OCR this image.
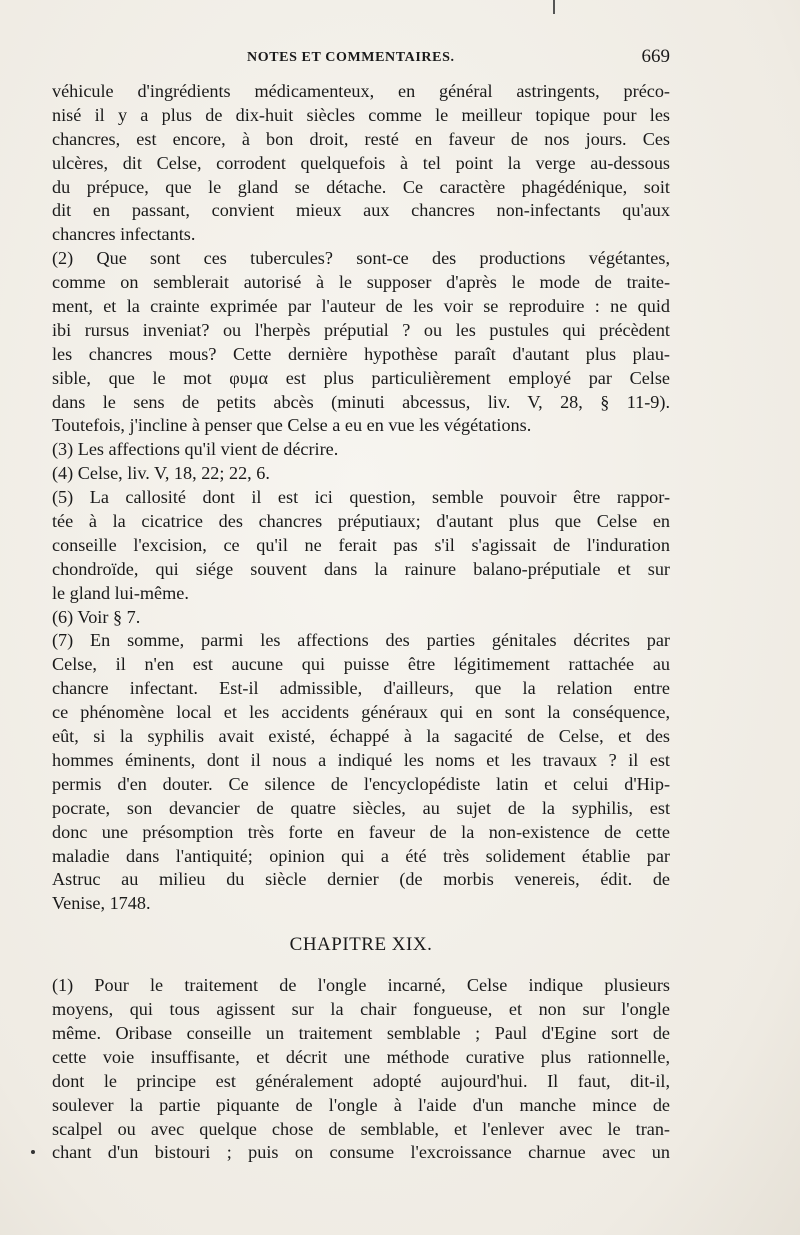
NOTES ET COMMENTAIRES.	669
véhicule d'ingrédients médicamenteux, en général astringents, préco-
nisé il y a plus de dix-huit siècles comme le meilleur topique pour les
chancres, est encore, à bon droit, resté en faveur de nos jours. Ces
ulcères, dit Celse, corrodent quelquefois à tel point la verge au-dessous
du prépuce, que le gland se détache. Ce caractère phagédénique, soit
dit en passant, convient mieux aux chancres non-infectants qu'aux
chancres infectants.
(2) Que sont ces tubercules? sont-ce des productions végétantes,
comme on semblerait autorisé à le supposer d'après le mode de traite-
ment, et la crainte exprimée par l'auteur de les voir se reproduire : ne quid
ibi rursus inveniat? ou l'herpès préputial ? ou les pustules qui précèdent
les chancres mous? Cette dernière hypothèse paraît d'autant plus plau-
sible, que le mot φυμα est plus particulièrement employé par Celse
dans le sens de petits abcès (minuti abcessus, liv. V, 28, § 11-9).
Toutefois, j'incline à penser que Celse a eu en vue les végétations.
(3) Les affections qu'il vient de décrire.
(4) Celse, liv. V, 18, 22; 22, 6.
(5) La callosité dont il est ici question, semble pouvoir être rappor-
tée à la cicatrice des chancres préputiaux; d'autant plus que Celse en
conseille l'excision, ce qu'il ne ferait pas s'il s'agissait de l'induration
chondroïde, qui siége souvent dans la rainure balano-préputiale et sur
le gland lui-même.
(6) Voir § 7.
(7) En somme, parmi les affections des parties génitales décrites par
Celse, il n'en est aucune qui puisse être légitimement rattachée au
chancre infectant. Est-il admissible, d'ailleurs, que la relation entre
ce phénomène local et les accidents généraux qui en sont la conséquence,
eût, si la syphilis avait existé, échappé à la sagacité de Celse, et des
hommes éminents, dont il nous a indiqué les noms et les travaux ? il est
permis d'en douter. Ce silence de l'encyclopédiste latin et celui d'Hip-
pocrate, son devancier de quatre siècles, au sujet de la syphilis, est
donc une présomption très forte en faveur de la non-existence de cette
maladie dans l'antiquité; opinion qui a été très solidement établie par
Astruc au milieu du siècle dernier (de morbis venereis, édit. de
Venise, 1748.
CHAPITRE XIX.
(1) Pour le traitement de l'ongle incarné, Celse indique plusieurs
moyens, qui tous agissent sur la chair fongueuse, et non sur l'ongle
même. Oribase conseille un traitement semblable ; Paul d'Egine sort de
cette voie insuffisante, et décrit une méthode curative plus rationnelle,
dont le principe est généralement adopté aujourd'hui. Il faut, dit-il,
soulever la partie piquante de l'ongle à l'aide d'un manche mince de
scalpel ou avec quelque chose de semblable, et l'enlever avec le tran-
chant d'un bistouri ; puis on consume l'excroissance charnue avec un
